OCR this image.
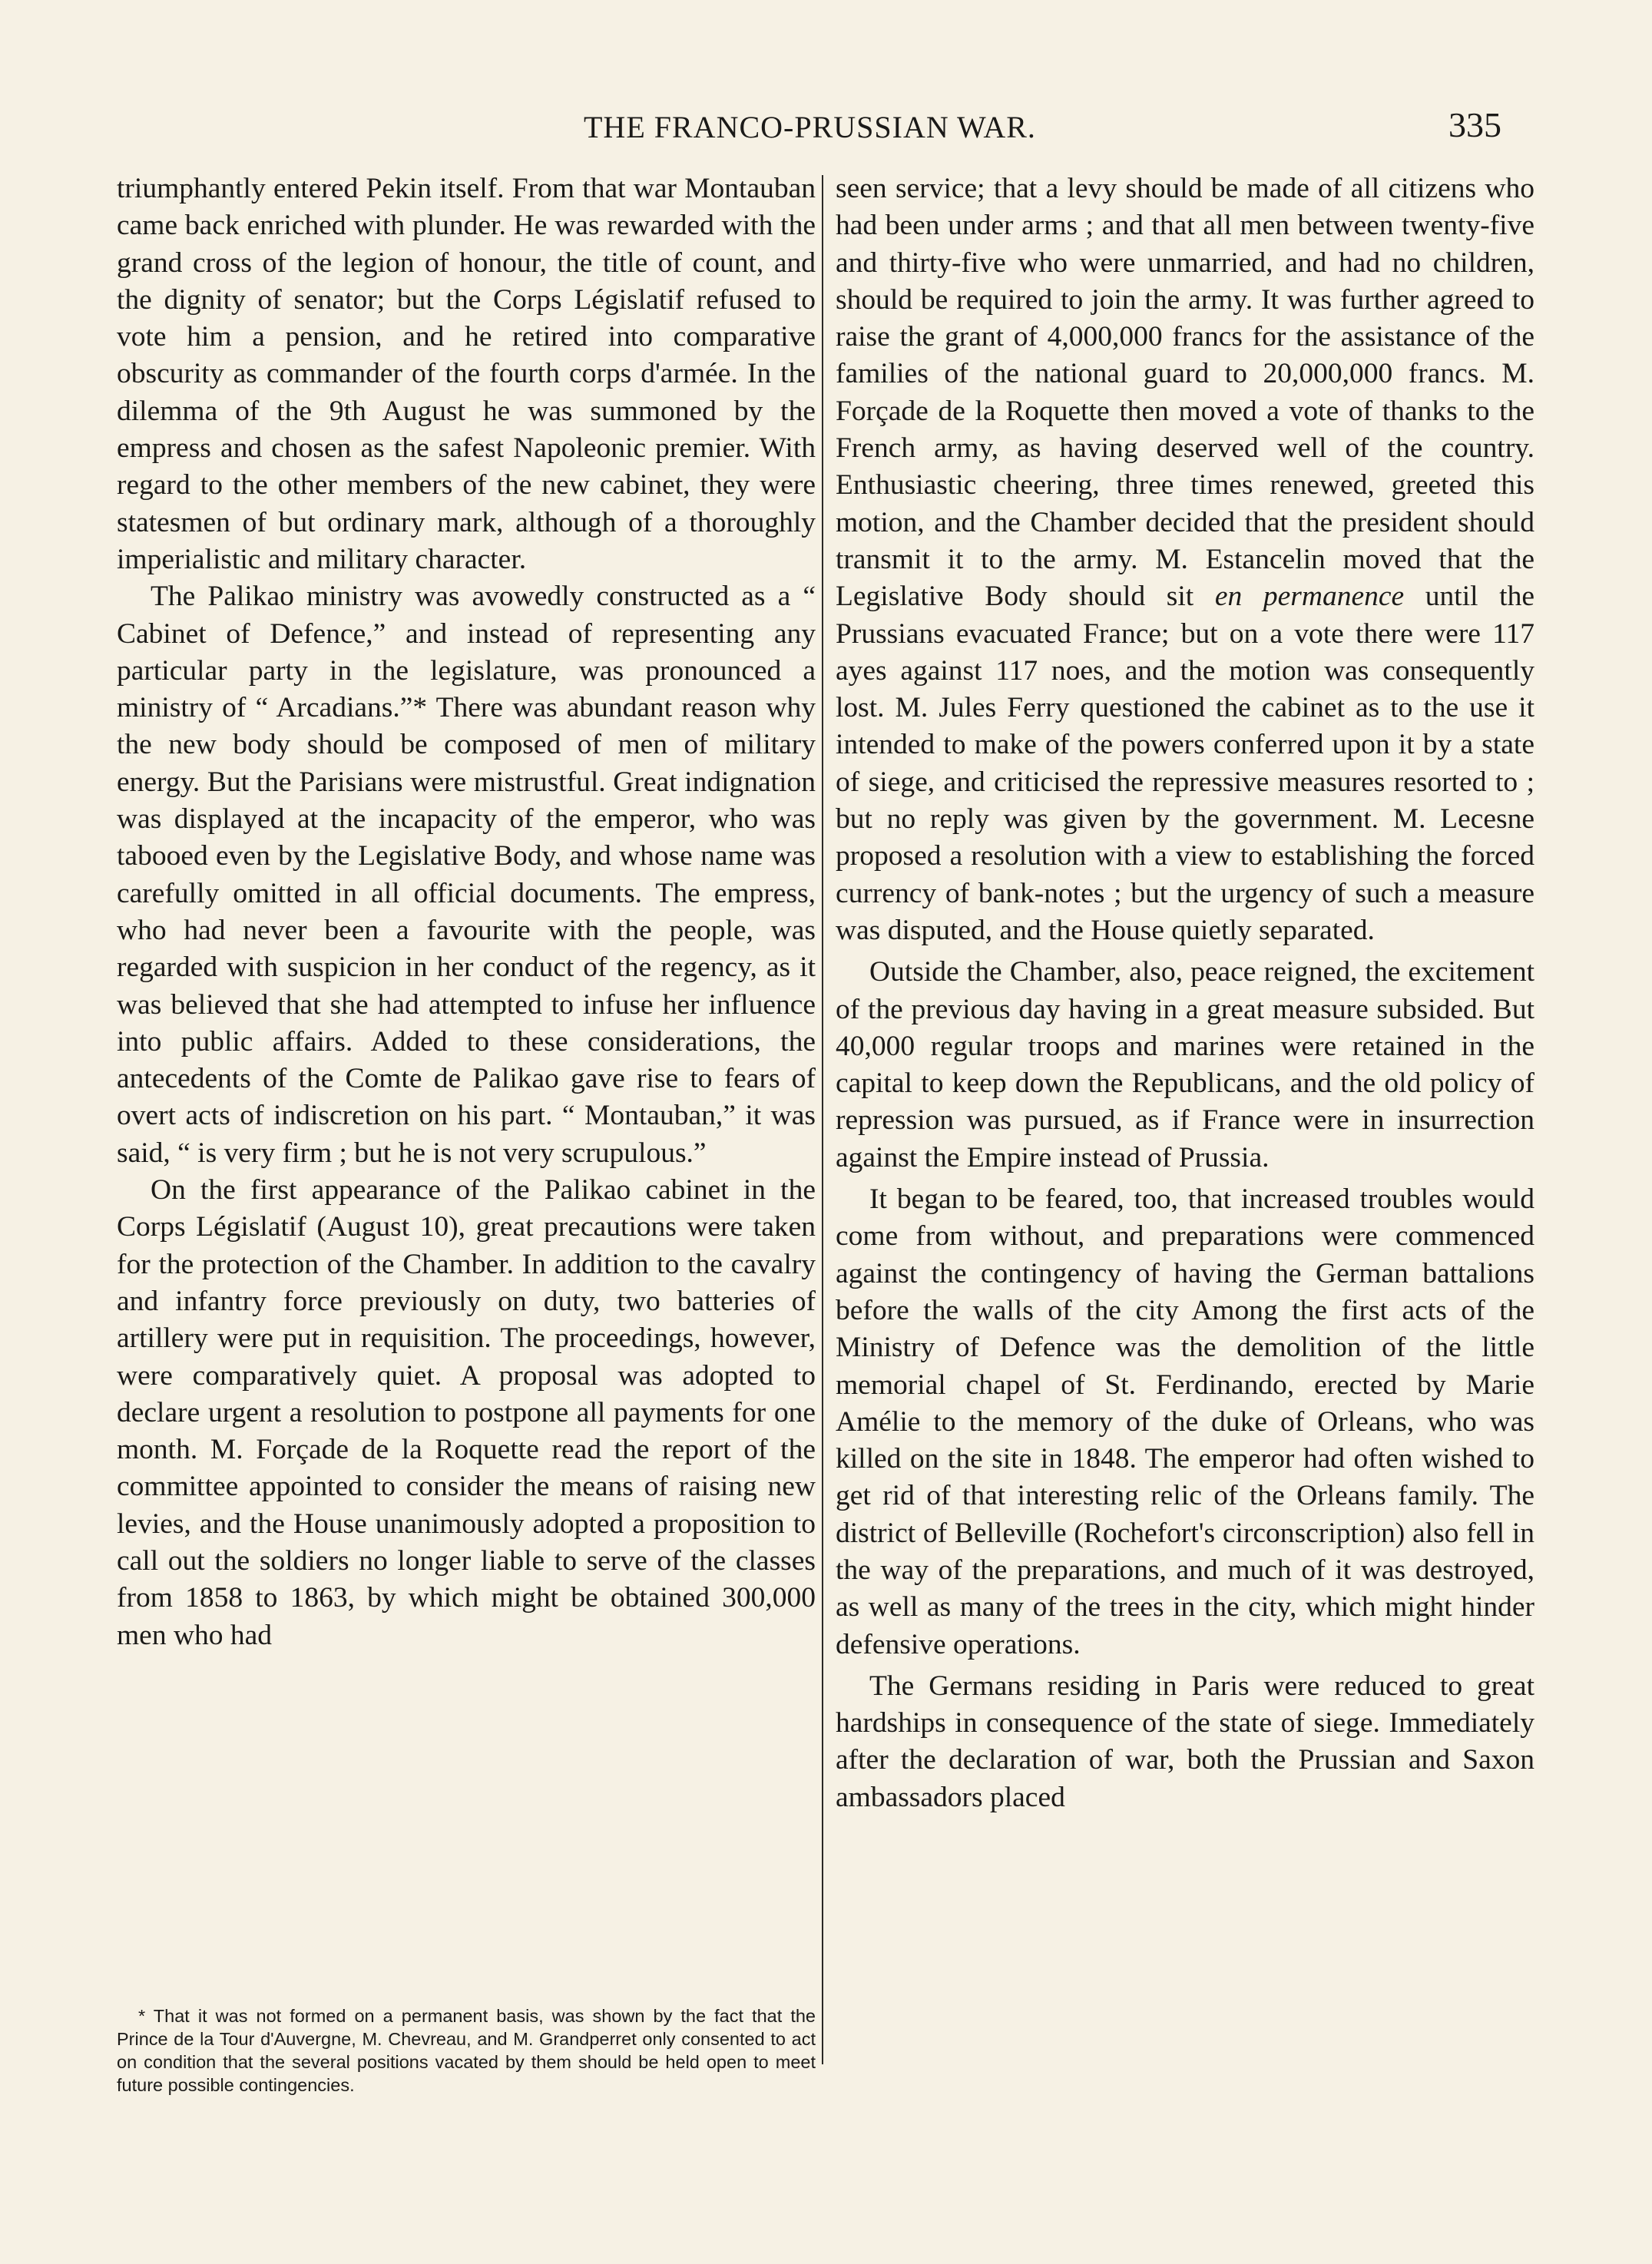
THE FRANCO-PRUSSIAN WAR.	335

triumphantly entered Pekin itself. From that war Montauban came back enriched with plunder. He was rewarded with the grand cross of the legion of honour, the title of count, and the dignity of senator; but the Corps Législatif refused to vote him a pension, and he retired into comparative obscurity as commander of the fourth corps d'armée. In the dilemma of the 9th August he was summoned by the empress and chosen as the safest Napoleonic premier. With regard to the other members of the new cabinet, they were statesmen of but ordinary mark, although of a thoroughly imperialistic and military character.

The Palikao ministry was avowedly constructed as a “ Cabinet of Defence,” and instead of representing any particular party in the legislature, was pronounced a ministry of “ Arcadians.”* There was abundant reason why the new body should be composed of men of military energy. But the Parisians were mistrustful. Great indignation was displayed at the incapacity of the emperor, who was tabooed even by the Legislative Body, and whose name was carefully omitted in all official documents. The empress, who had never been a favourite with the people, was regarded with suspicion in her conduct of the regency, as it was believed that she had attempted to infuse her influence into public affairs. Added to these considerations, the antecedents of the Comte de Palikao gave rise to fears of overt acts of indiscretion on his part. “ Montauban,” it was said, “ is very firm ; but he is not very scrupulous.”

On the first appearance of the Palikao cabinet in the Corps Législatif (August 10), great precautions were taken for the protection of the Chamber. In addition to the cavalry and infantry force previously on duty, two batteries of artillery were put in requisition. The proceedings, however, were comparatively quiet. A proposal was adopted to declare urgent a resolution to postpone all payments for one month. M. Forçade de la Roquette read the report of the committee appointed to consider the means of raising new levies, and the House unanimously adopted a proposition to call out the soldiers no longer liable to serve of the classes from 1858 to 1863, by which might be obtained 300,000 men who had

seen service; that a levy should be made of all citizens who had been under arms ; and that all men between twenty-five and thirty-five who were unmarried, and had no children, should be required to join the army. It was further agreed to raise the grant of 4,000,000 francs for the assistance of the families of the national guard to 20,000,000 francs. M. Forçade de la Roquette then moved a vote of thanks to the French army, as having deserved well of the country. Enthusiastic cheering, three times renewed, greeted this motion, and the Chamber decided that the president should transmit it to the army. M. Estancelin moved that the Legislative Body should sit en permanence until the Prussians evacuated France; but on a vote there were 117 ayes against 117 noes, and the motion was consequently lost. M. Jules Ferry questioned the cabinet as to the use it intended to make of the powers conferred upon it by a state of siege, and criticised the repressive measures resorted to ; but no reply was given by the government. M. Lecesne proposed a resolution with a view to establishing the forced currency of bank-notes ; but the urgency of such a measure was disputed, and the House quietly separated.

Outside the Chamber, also, peace reigned, the excitement of the previous day having in a great measure subsided. But 40,000 regular troops and marines were retained in the capital to keep down the Republicans, and the old policy of repression was pursued, as if France were in insurrection against the Empire instead of Prussia.

It began to be feared, too, that increased troubles would come from without, and preparations were commenced against the contingency of having the German battalions before the walls of the city Among the first acts of the Ministry of Defence was the demolition of the little memorial chapel of St. Ferdinando, erected by Marie Amélie to the memory of the duke of Orleans, who was killed on the site in 1848. The emperor had often wished to get rid of that interesting relic of the Orleans family. The district of Belleville (Rochefort's circonscription) also fell in the way of the preparations, and much of it was destroyed, as well as many of the trees in the city, which might hinder defensive operations.

The Germans residing in Paris were reduced to great hardships in consequence of the state of siege. Immediately after the declaration of war, both the Prussian and Saxon ambassadors placed

* That it was not formed on a permanent basis, was shown by the fact that the Prince de la Tour d'Auvergne, M. Chevreau, and M. Grandperret only consented to act on condition that the several positions vacated by them should be held open to meet future possible contingencies.
